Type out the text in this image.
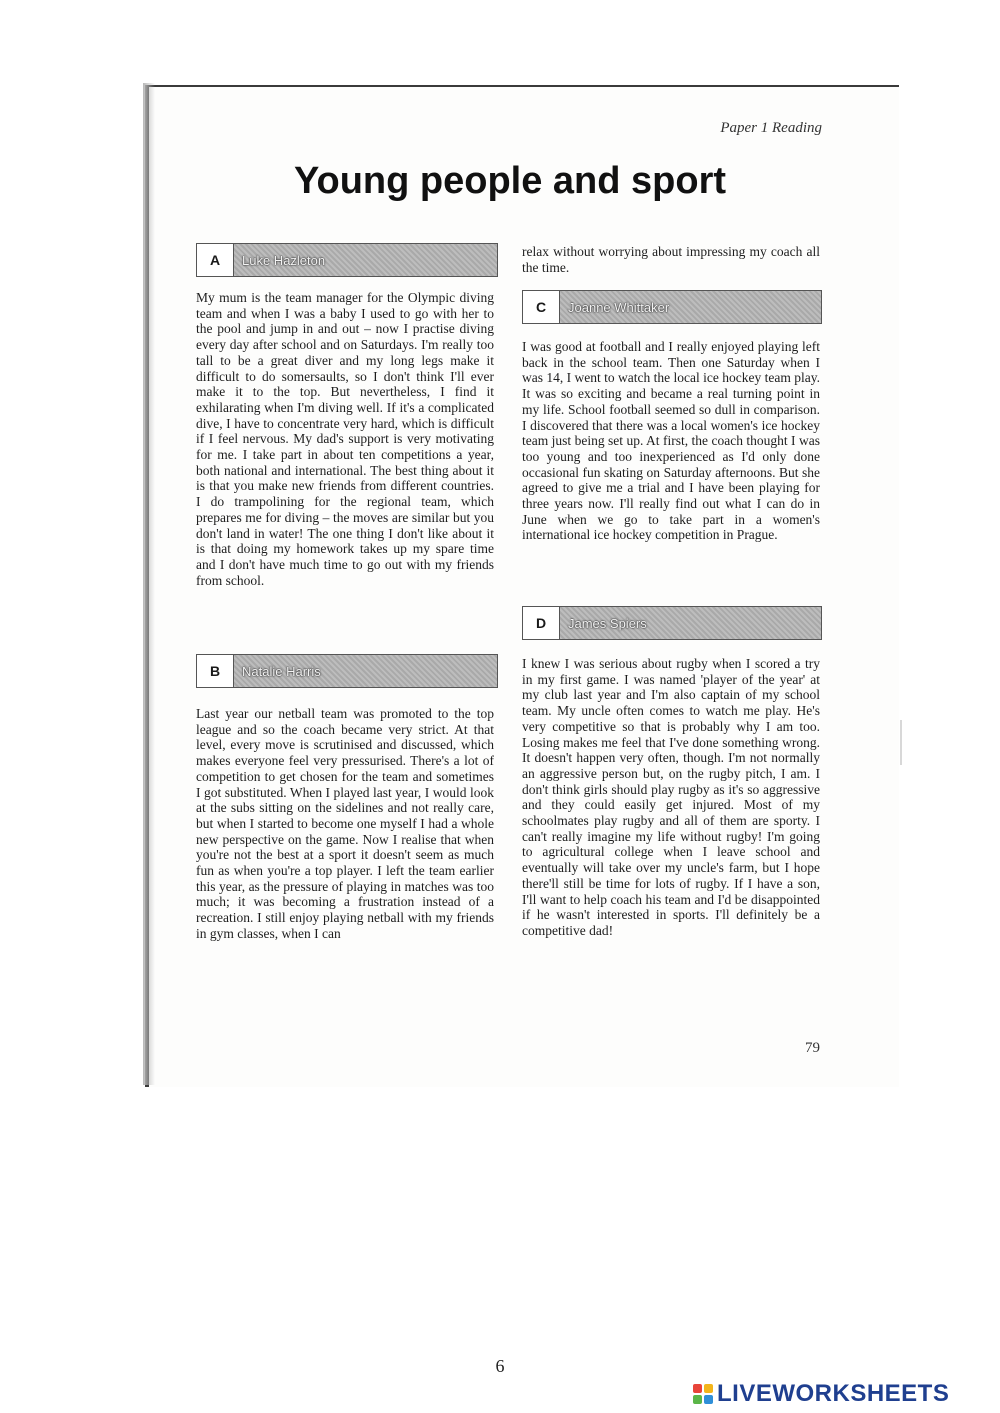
Paper 1 Reading
Young people and sport
A	Luke Hazleton

My mum is the team manager for the Olympic diving team and when I was a baby I used to go with her to the pool and jump in and out – now I practise diving every day after school and on Saturdays. I'm really too tall to be a great diver and my long legs make it difficult to do somersaults, so I don't think I'll ever make it to the top. But nevertheless, I find it exhilarating when I'm diving well. If it's a complicated dive, I have to concentrate very hard, which is difficult if I feel nervous. My dad's support is very motivating for me. I take part in about ten competitions a year, both national and international. The best thing about it is that you make new friends from different countries. I do trampolining for the regional team, which prepares me for diving – the moves are similar but you don't land in water! The one thing I don't like about it is that doing my homework takes up my spare time and I don't have much time to go out with my friends from school.

B	Natalie Harris

Last year our netball team was promoted to the top league and so the coach became very strict. At that level, every move is scrutinised and discussed, which makes everyone feel very pressurised. There's a lot of competition to get chosen for the team and sometimes I got substituted. When I played last year, I would look at the subs sitting on the sidelines and not really care, but when I started to become one myself I had a whole new perspective on the game. Now I realise that when you're not the best at a sport it doesn't seem as much fun as when you're a top player. I left the team earlier this year, as the pressure of playing in matches was too much; it was becoming a frustration instead of a recreation. I still enjoy playing netball with my friends in gym classes, when I can

relax without worrying about impressing my coach all the time.

C	Joanne Whittaker

I was good at football and I really enjoyed playing left back in the school team. Then one Saturday when I was 14, I went to watch the local ice hockey team play. It was so exciting and became a real turning point in my life. School football seemed so dull in comparison. I discovered that there was a local women's ice hockey team just being set up. At first, the coach thought I was too young and too inexperienced as I'd only done occasional fun skating on Saturday afternoons. But she agreed to give me a trial and I have been playing for three years now. I'll really find out what I can do in June when we go to take part in a women's international ice hockey competition in Prague.

D	James Spiers

I knew I was serious about rugby when I scored a try in my first game. I was named 'player of the year' at my club last year and I'm also captain of my school team. My uncle often comes to watch me play. He's very competitive so that is probably why I am too. Losing makes me feel that I've done something wrong. It doesn't happen very often, though. I'm not normally an aggressive person but, on the rugby pitch, I am. I don't think girls should play rugby as it's so aggressive and they could easily get injured. Most of my schoolmates play rugby and all of them are sporty. I can't really imagine my life without rugby! I'm going to agricultural college when I leave school and eventually will take over my uncle's farm, but I hope there'll still be time for lots of rugby. If I have a son, I'll want to help coach his team and I'd be disappointed if he wasn't interested in sports. I'll definitely be a competitive dad!

79
6
LIVEWORKSHEETS
